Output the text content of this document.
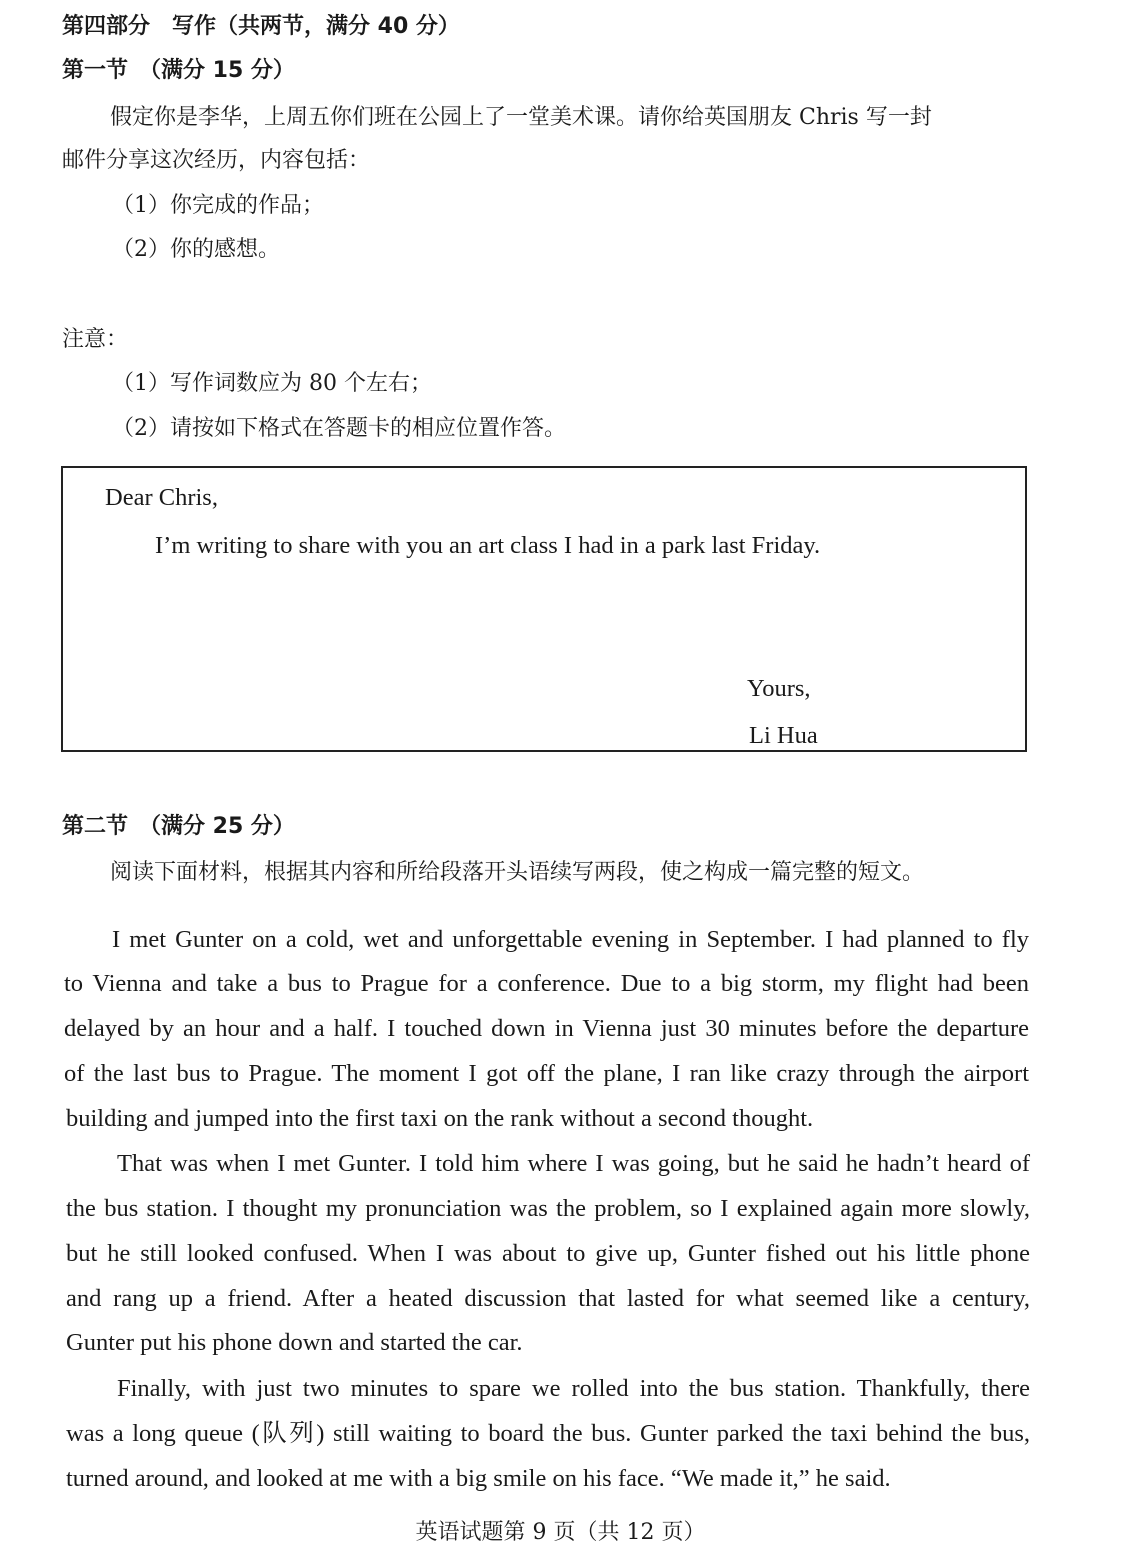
第四部分　写作（共两节，满分 40 分）
第一节　（满分 15 分）
假定你是李华，上周五你们班在公园上了一堂美术课。请你给英国朋友 Chris 写一封
邮件分享这次经历，内容包括：
（1）你完成的作品；
（2）你的感想。
注意：
（1）写作词数应为 80 个左右；
（2）请按如下格式在答题卡的相应位置作答。
Dear Chris,
I’m writing to share with you an art class I had in a park last Friday.
Yours,
Li Hua
第二节　（满分 25 分）
阅读下面材料，根据其内容和所给段落开头语续写两段，使之构成一篇完整的短文。
I met Gunter on a cold, wet and unforgettable evening in September. I had planned to fly
to Vienna and take a bus to Prague for a conference. Due to a big storm, my flight had been
delayed by an hour and a half. I touched down in Vienna just 30 minutes before the departure
of the last bus to Prague. The moment I got off the plane, I ran like crazy through the airport
building and jumped into the first taxi on the rank without a second thought.
That was when I met Gunter. I told him where I was going, but he said he hadn’t heard of
the bus station. I thought my pronunciation was the problem, so I explained again more slowly,
but he still looked confused. When I was about to give up, Gunter fished out his little phone
and rang up a friend. After a heated discussion that lasted for what seemed like a century,
Gunter put his phone down and started the car.
Finally, with just two minutes to spare we rolled into the bus station. Thankfully, there
was a long queue (队列) still waiting to board the bus. Gunter parked the taxi behind the bus,
turned around, and looked at me with a big smile on his face. “We made it,” he said.
英语试题第 9 页（共 12 页）
